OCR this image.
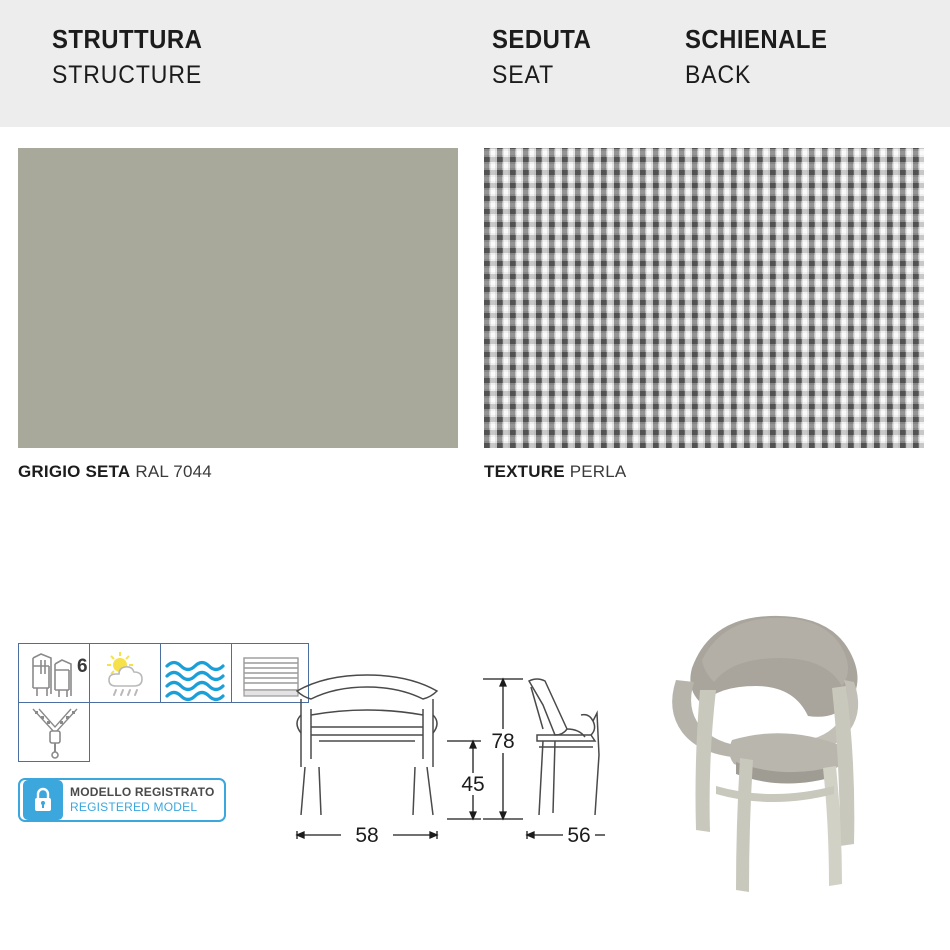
STRUTTURA
STRUCTURE
SEDUTA
SEAT
SCHIENALE
BACK
GRIGIO SETA RAL 7044	TEXTURE PERLA
6
MODELLO REGISTRATO
REGISTERED MODEL
58
45
78
56
